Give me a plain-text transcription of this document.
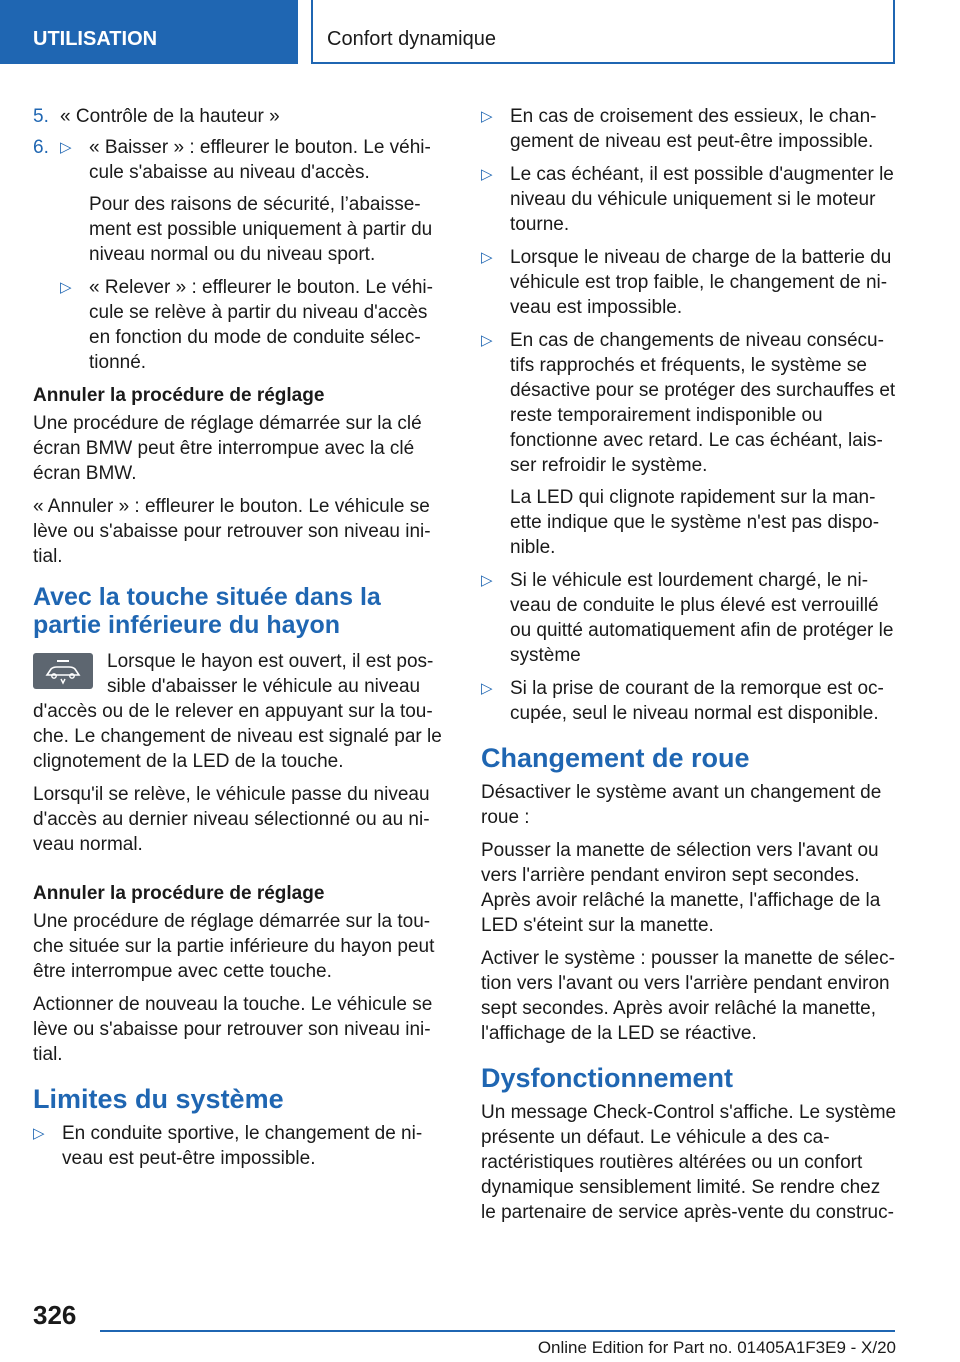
UTILISATION	Confort dynamique
5. « Contrôle de la hauteur »
6. ▷ « Baisser » : effleurer le bouton. Le véhicule s'abaisse au niveau d'accès.

Pour des raisons de sécurité, l’abaissement est possible uniquement à partir du niveau normal ou du niveau sport.

▷ « Relever » : effleurer le bouton. Le véhicule se relève à partir du niveau d'accès en fonction du mode de conduite sélectionné.

Annuler la procédure de réglage

Une procédure de réglage démarrée sur la clé écran BMW peut être interrompue avec la clé écran BMW.

« Annuler » : effleurer le bouton. Le véhicule se lève ou s'abaisse pour retrouver son niveau initial.

Avec la touche située dans la partie inférieure du hayon

Lorsque le hayon est ouvert, il est possible d'abaisser le véhicule au niveau d'accès ou de le relever en appuyant sur la touche. Le changement de niveau est signalé par le clignotement de la LED de la touche.

Lorsqu'il se relève, le véhicule passe du niveau d'accès au dernier niveau sélectionné ou au niveau normal.

Annuler la procédure de réglage

Une procédure de réglage démarrée sur la touche située sur la partie inférieure du hayon peut être interrompue avec cette touche.

Actionner de nouveau la touche. Le véhicule se lève ou s'abaisse pour retrouver son niveau initial.

Limites du système
▷ En conduite sportive, le changement de niveau est peut-être impossible.

▷ En cas de croisement des essieux, le changement de niveau est peut-être impossible.

▷ Le cas échéant, il est possible d'augmenter le niveau du véhicule uniquement si le moteur tourne.

▷ Lorsque le niveau de charge de la batterie du véhicule est trop faible, le changement de niveau est impossible.

▷ En cas de changements de niveau consécutifs rapprochés et fréquents, le système se désactive pour se protéger des surchauffes et reste temporairement indisponible ou fonctionne avec retard. Le cas échéant, laisser refroidir le système.

La LED qui clignote rapidement sur la manette indique que le système n'est pas disponible.

▷ Si le véhicule est lourdement chargé, le niveau de conduite le plus élevé est verrouillé ou quitté automatiquement afin de protéger le système

▷ Si la prise de courant de la remorque est occupée, seul le niveau normal est disponible.

Changement de roue

Désactiver le système avant un changement de roue :

Pousser la manette de sélection vers l'avant ou vers l'arrière pendant environ sept secondes. Après avoir relâché la manette, l'affichage de la LED s'éteint sur la manette.

Activer le système : pousser la manette de sélection vers l'avant ou vers l'arrière pendant environ sept secondes. Après avoir relâché la manette, l'affichage de la LED se réactive.

Dysfonctionnement

Un message Check-Control s'affiche. Le système présente un défaut. Le véhicule a des caractéristiques routières altérées ou un confort dynamique sensiblement limité. Se rendre chez le partenaire de service après-vente du construc-

326
Online Edition for Part no. 01405A1F3E9 - X/20
